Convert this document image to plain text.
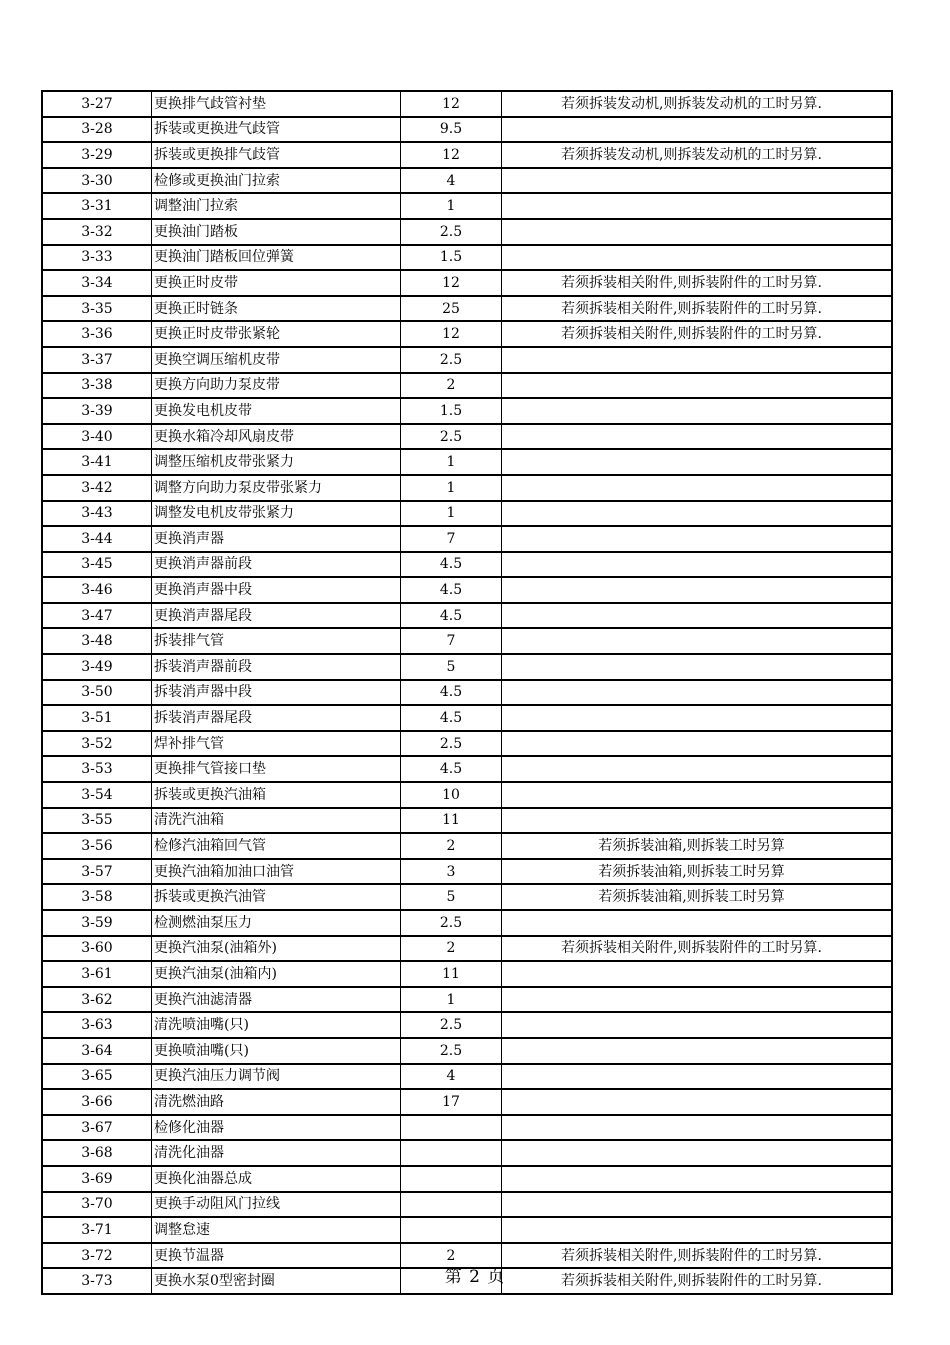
3-27	更换排气歧管衬垫	12	若须拆装发动机,则拆装发动机的工时另算.
3-28	拆装或更换进气歧管	9.5	
3-29	拆装或更换排气歧管	12	若须拆装发动机,则拆装发动机的工时另算.
3-30	检修或更换油门拉索	4	
3-31	调整油门拉索	1	
3-32	更换油门踏板	2.5	
3-33	更换油门踏板回位弹簧	1.5	
3-34	更换正时皮带	12	若须拆装相关附件,则拆装附件的工时另算.
3-35	更换正时链条	25	若须拆装相关附件,则拆装附件的工时另算.
3-36	更换正时皮带张紧轮	12	若须拆装相关附件,则拆装附件的工时另算.
3-37	更换空调压缩机皮带	2.5	
3-38	更换方向助力泵皮带	2	
3-39	更换发电机皮带	1.5	
3-40	更换水箱冷却风扇皮带	2.5	
3-41	调整压缩机皮带张紧力	1	
3-42	调整方向助力泵皮带张紧力	1	
3-43	调整发电机皮带张紧力	1	
3-44	更换消声器	7	
3-45	更换消声器前段	4.5	
3-46	更换消声器中段	4.5	
3-47	更换消声器尾段	4.5	
3-48	拆装排气管	7	
3-49	拆装消声器前段	5	
3-50	拆装消声器中段	4.5	
3-51	拆装消声器尾段	4.5	
3-52	焊补排气管	2.5	
3-53	更换排气管接口垫	4.5	
3-54	拆装或更换汽油箱	10	
3-55	清洗汽油箱	11	
3-56	检修汽油箱回气管	2	若须拆装油箱,则拆装工时另算
3-57	更换汽油箱加油口油管	3	若须拆装油箱,则拆装工时另算
3-58	拆装或更换汽油管	5	若须拆装油箱,则拆装工时另算
3-59	检测燃油泵压力	2.5	
3-60	更换汽油泵(油箱外)	2	若须拆装相关附件,则拆装附件的工时另算.
3-61	更换汽油泵(油箱内)	11	
3-62	更换汽油滤清器	1	
3-63	清洗喷油嘴(只)	2.5	
3-64	更换喷油嘴(只)	2.5	
3-65	更换汽油压力调节阀	4	
3-66	清洗燃油路	17	
3-67	检修化油器		
3-68	清洗化油器		
3-69	更换化油器总成		
3-70	更换手动阻风门拉线		
3-71	调整怠速		
3-72	更换节温器	2	若须拆装相关附件,则拆装附件的工时另算.
3-73	更换水泵0型密封圈		若须拆装相关附件,则拆装附件的工时另算.
第 2 页
